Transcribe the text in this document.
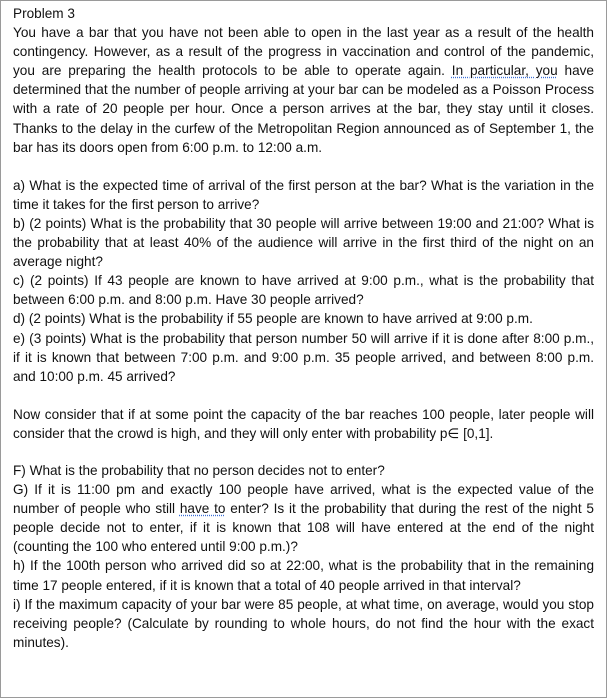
Problem 3

You have a bar that you have not been able to open in the last year as a result of the health contingency. However, as a result of the progress in vaccination and control of the pandemic, you are preparing the health protocols to be able to operate again. In particular, you have determined that the number of people arriving at your bar can be modeled as a Poisson Process with a rate of 20 people per hour. Once a person arrives at the bar, they stay until it closes. Thanks to the delay in the curfew of the Metropolitan Region announced as of September 1, the bar has its doors open from 6:00 p.m. to 12:00 a.m.

a) What is the expected time of arrival of the first person at the bar? What is the variation in the time it takes for the first person to arrive?

b) (2 points) What is the probability that 30 people will arrive between 19:00 and 21:00? What is the probability that at least 40% of the audience will arrive in the first third of the night on an average night?

c) (2 points) If 43 people are known to have arrived at 9:00 p.m., what is the probability that between 6:00 p.m. and 8:00 p.m. Have 30 people arrived?

d) (2 points) What is the probability if 55 people are known to have arrived at 9:00 p.m.

e) (3 points) What is the probability that person number 50 will arrive if it is done after 8:00 p.m., if it is known that between 7:00 p.m. and 9:00 p.m. 35 people arrived, and between 8:00 p.m. and 10:00 p.m. 45 arrived?

Now consider that if at some point the capacity of the bar reaches 100 people, later people will consider that the crowd is high, and they will only enter with probability p∈ [0,1].

F) What is the probability that no person decides not to enter?

G) If it is 11:00 pm and exactly 100 people have arrived, what is the expected value of the number of people who still have to enter? Is it the probability that during the rest of the night 5 people decide not to enter, if it is known that 108 will have entered at the end of the night (counting the 100 who entered until 9:00 p.m.)?

h) If the 100th person who arrived did so at 22:00, what is the probability that in the remaining time 17 people entered, if it is known that a total of 40 people arrived in that interval?

i) If the maximum capacity of your bar were 85 people, at what time, on average, would you stop receiving people? (Calculate by rounding to whole hours, do not find the hour with the exact minutes).
